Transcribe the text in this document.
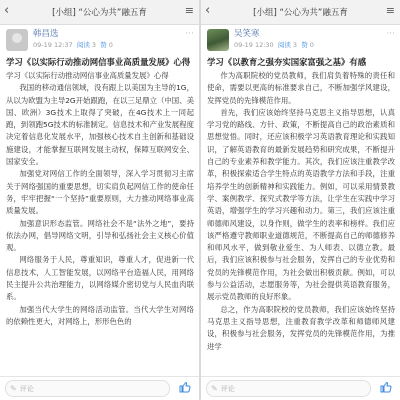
‹	[小组] “公心为共”融五育	≡
韩昌选
09-19 12:37 阅读 3 赞 0
···
学习《以实际行动推动网信事业高质量发展》心得

学习《以实际行动推动网信事业高质量发展》心得

我国的移动通信领域，没有跟上以美国为主导的1G，从以为欧盟为主导2G开始跟跑，在以三足鼎立（中国、美国、欧洲）3G技术上取得了突破，在4G技术上一同起跑，到领跑5G技术的标准制定。信息技术和产业发展程度决定着信息化发展水平，加强核心技术自主创新和基础设施建设，才能掌握互联网发展主动权，保障互联网安全、国家安全。

加强党对网信工作的全面领导，深入学习贯彻习主席关于网络强国的重要思想，切实肩负起网信工作的使命任务，牢牢把握“一个坚持”重要原则，大力推动网络事业高质量发展。

加强意识形态监管。网络社会不是“法外之地”，要持依法办网，倡导网络文明，引导和弘扬社会主义核心价值观。

网络服务于人民，尊重知识，尊重人才，促进新一代信息技术，人工智能发展，以网络平台造福人民，用网络民主提升公共治理能力，以网络媒介密切党与人民血肉联系。

加强当代大学生的网络活动监管。当代大学生对网络的依赖性更大，对网络上，形形色色的

✎ 评论
‹	[小组] “公心为共”融五育	≡
吴笑寒
09-19 12:30 阅读 3 赞 0
···
学习《以教育之强夯实国家富强之基》有感

作为高职院校的党员教师，我们肩负着特殊的责任和使命，需要以更高的标准要求自己，不断加强学风建设，发挥党员的先锋模范作用。

首先，我们应该始终坚持马克思主义指导思想，认真学习党的路线、方针、政策，不断提高自己的政治素质和思想觉悟。同时，还应该积极学习英语教育理论和实践知识，了解英语教育的最新发展趋势和研究成果，不断提升自己的专业素养和教学能力。其次，我们应该注重教学改革，积极探索适合学生特点的英语教学方法和手段，注重培养学生的创新精神和实践能力。例如，可以采用情景教学、案例教学、探究式教学等方法，让学生在实践中学习英语，增强学生的学习兴趣和动力。第三，我们应该注重师德师风建设，以身作则，做学生的表率和榜样。我们应该严格遵守教师职业道德规范，不断提高自己的师德修养和师风水平，做到敬业爱生、为人师表、以德立教。最后，我们应该积极参与社会服务，发挥自己的专业优势和党员的先锋模范作用，为社会做出积极贡献。例如，可以参与公益活动，志愿服务等，为社会提供英语教育服务，展示党员教师的良好形象。

总之，作为高职院校的党员教师，我们应该始终坚持马克思主义指导思想，注重教育教学改革和师德师风建设，积极参与社会服务，发挥党员的先锋模范作用，为推进学

✎ 评论
